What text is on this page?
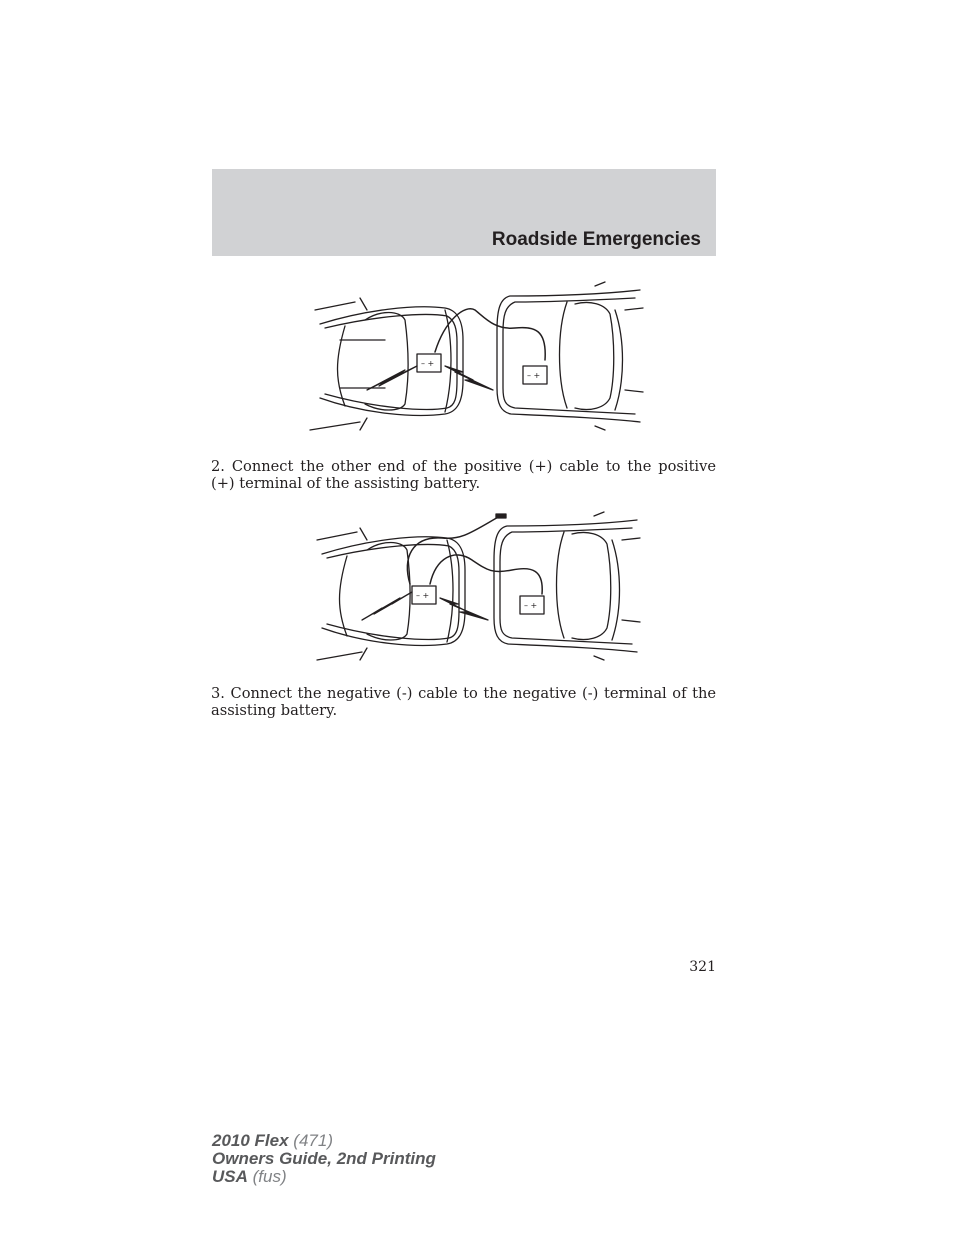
Roadside Emergencies
– +
– +
2. Connect the other end of the positive (+) cable to the positive (+) terminal of the assisting battery.
– +
– +
3. Connect the negative (-) cable to the negative (-) terminal of the assisting battery.
321
2010 Flex (471)
Owners Guide, 2nd Printing
USA (fus)
